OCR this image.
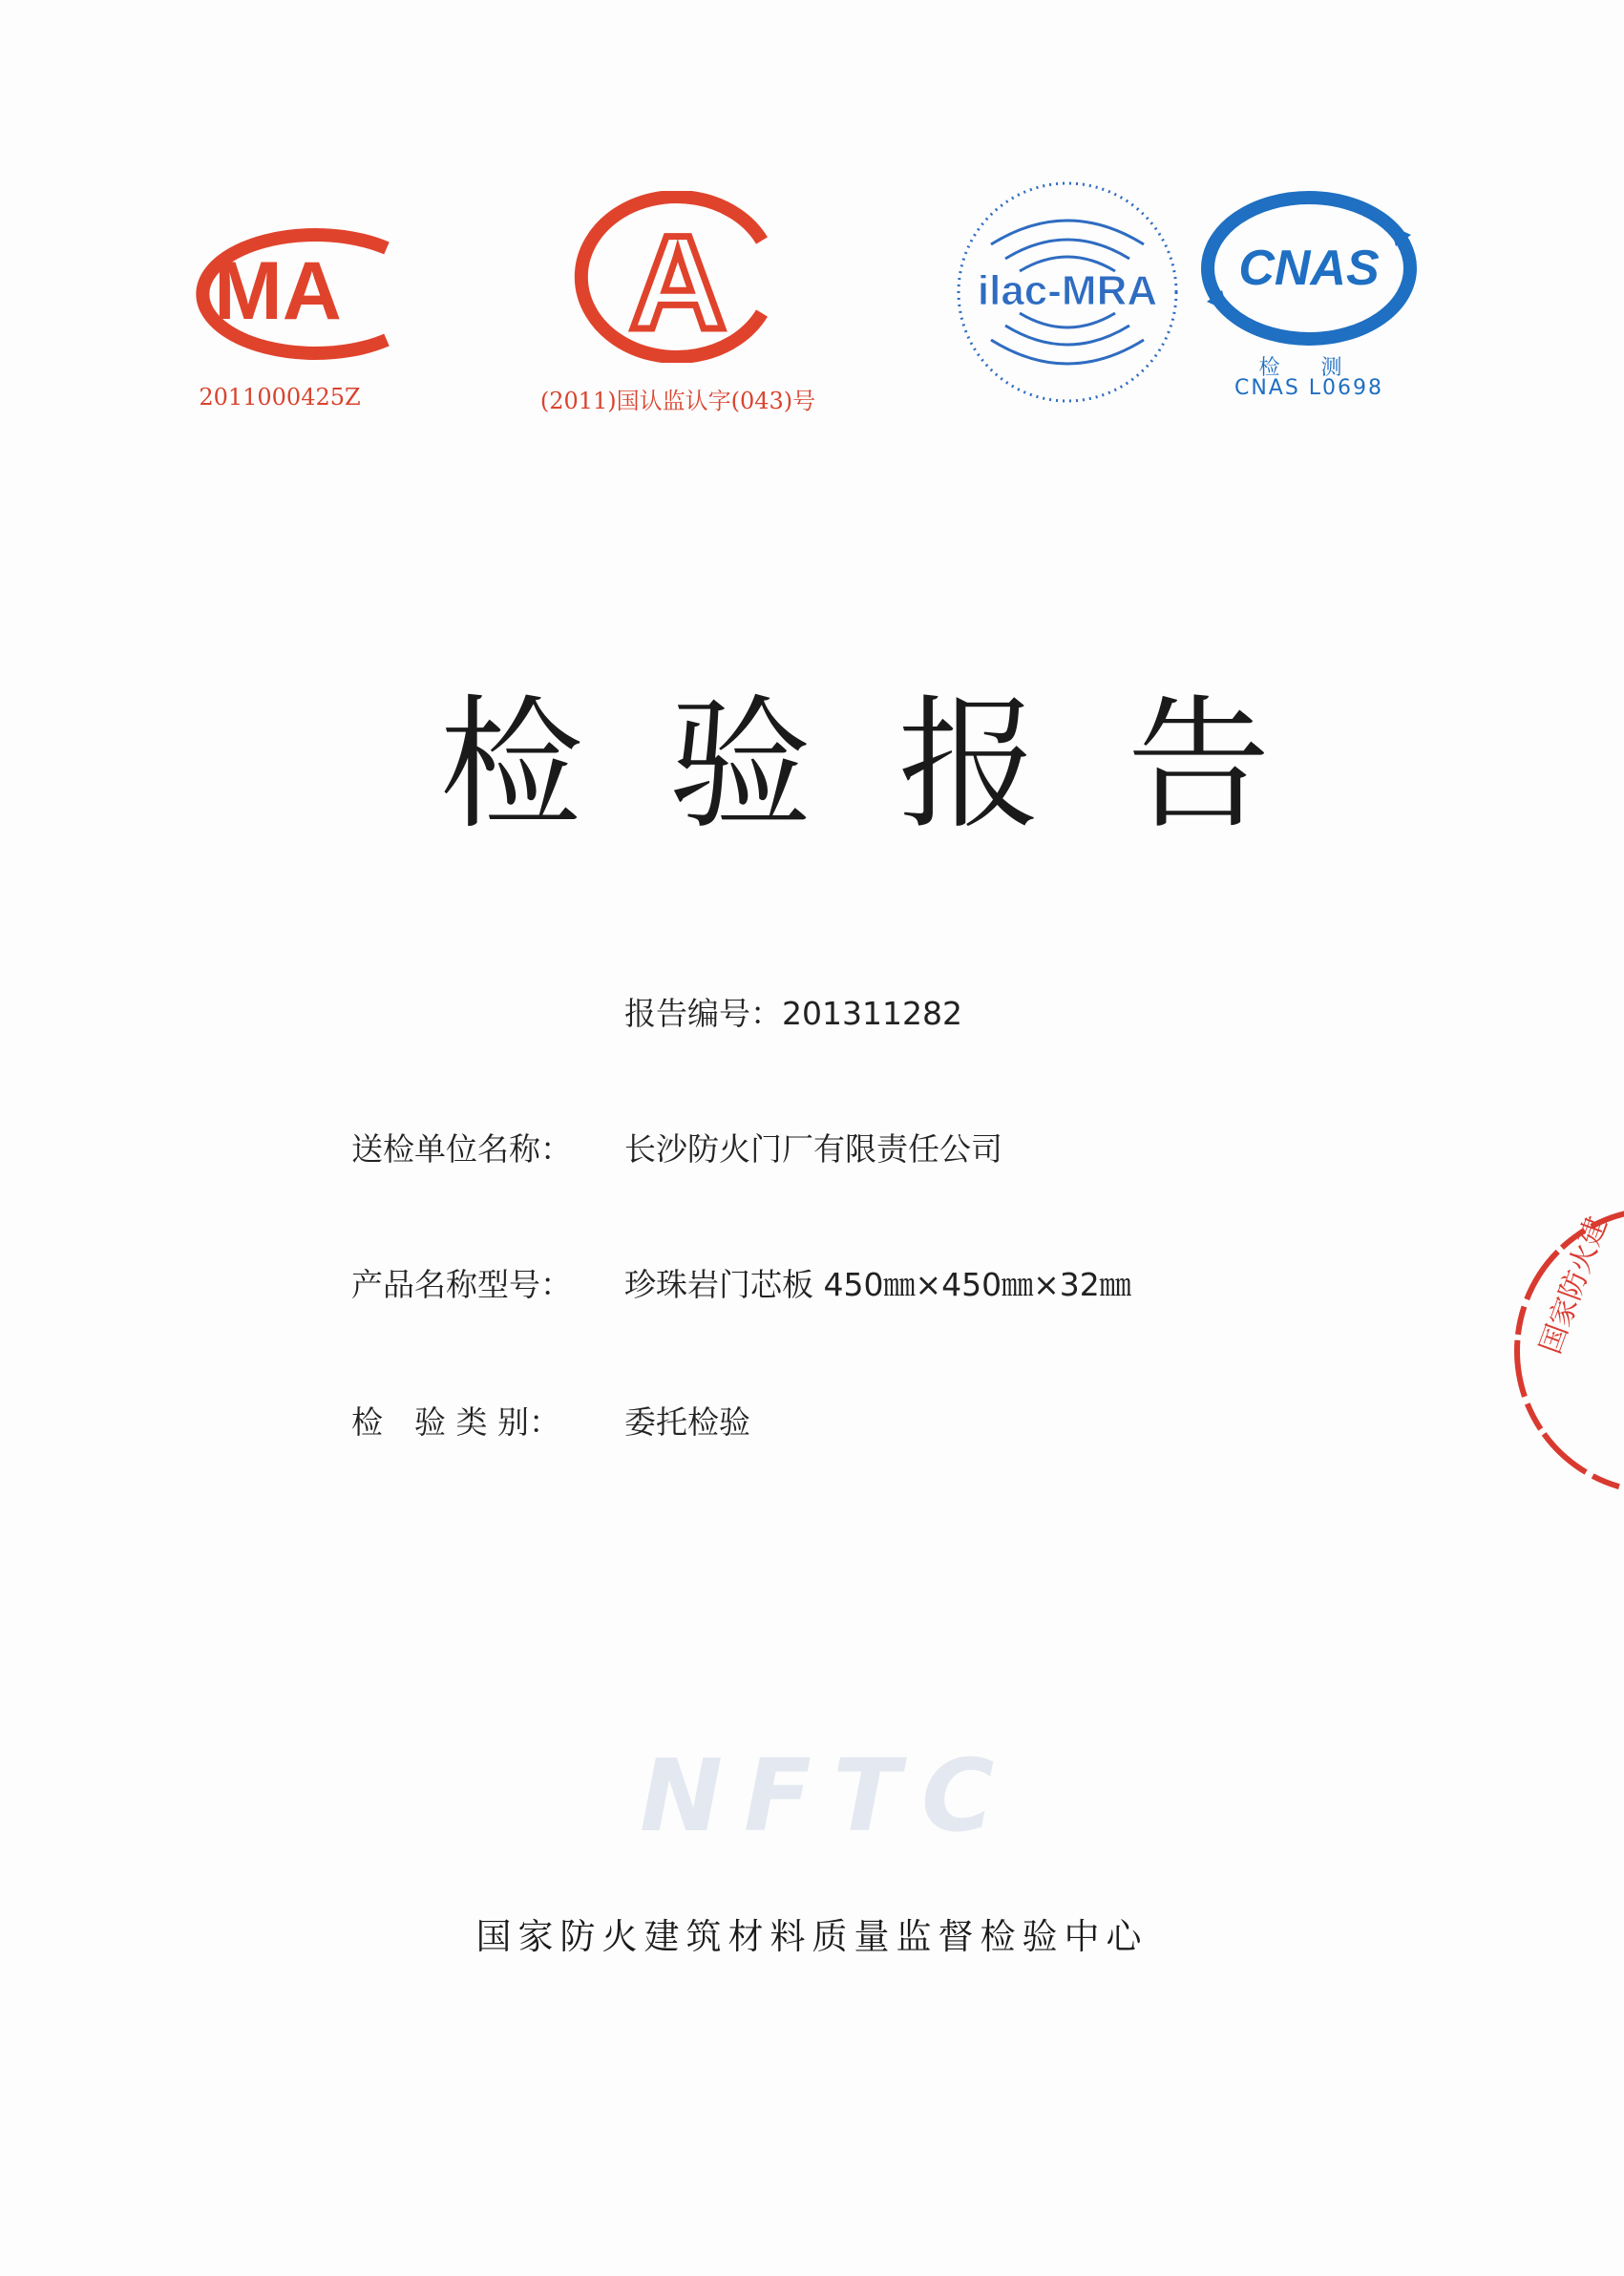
MA
2011000425Z
A
(2011)国认监认字(043)号
ilac-MRA CNAS
检 测
CNAS L0698
检验报告
报告编号：201311282
送检单位名称： 长沙防火门厂有限责任公司
产品名称型号： 珍珠岩门芯板 450㎜×450㎜×32㎜
检　验 类 别： 委托检验
NFTC
国家防火建筑材料质量监督检验中心
国家防火建
